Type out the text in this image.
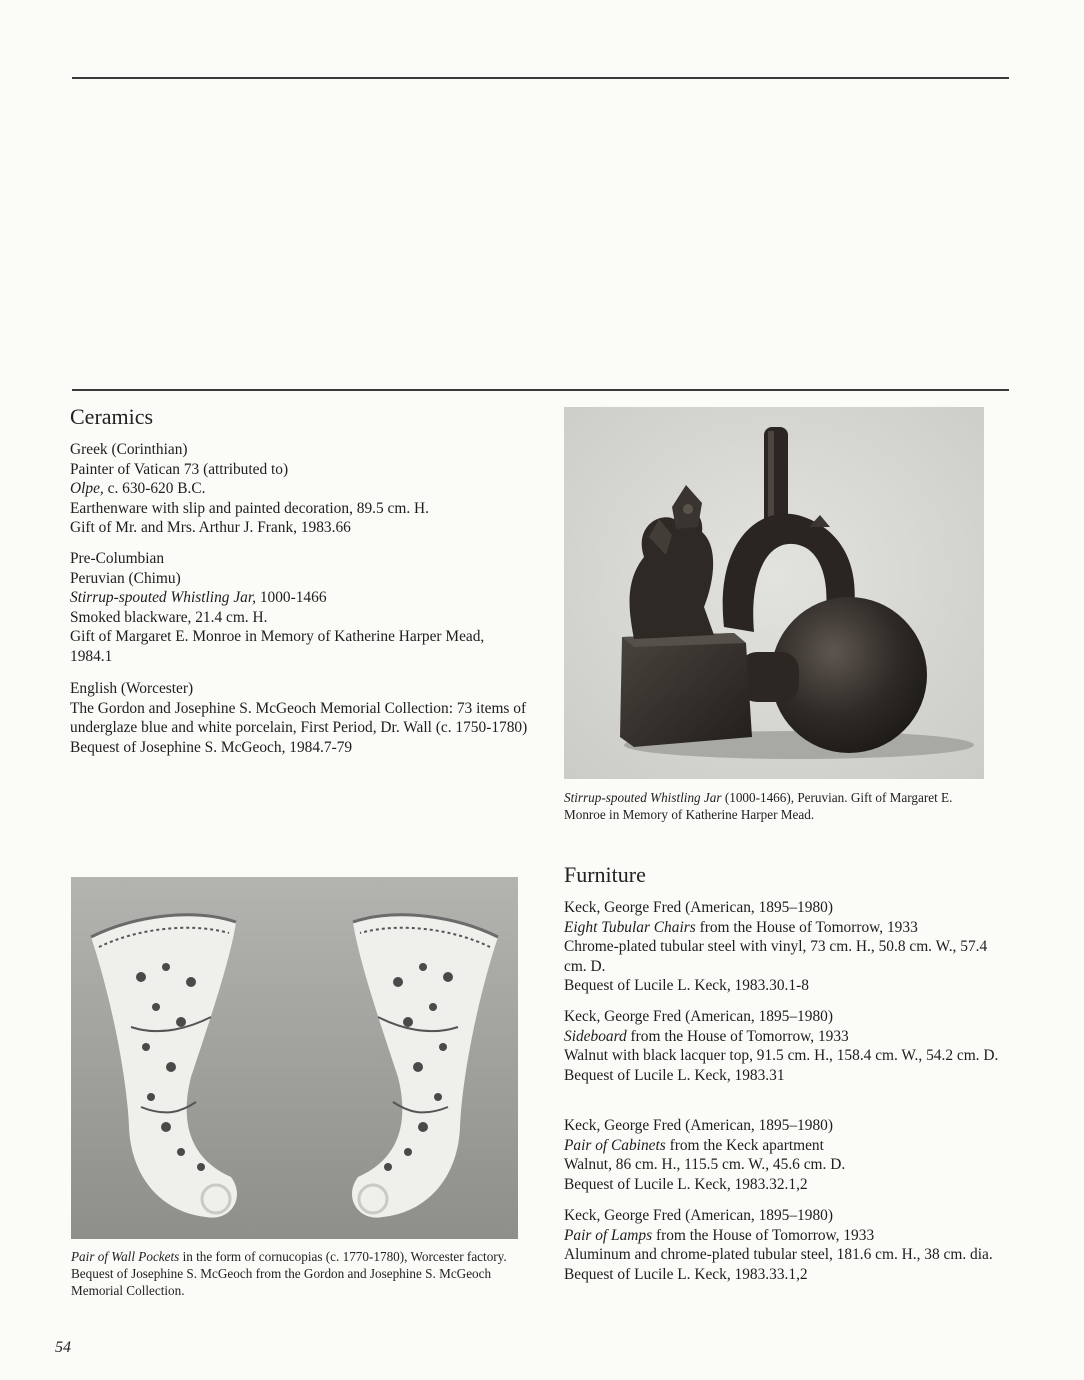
Ceramics
Greek (Corinthian)
Painter of Vatican 73 (attributed to)
Olpe, c. 630-620 B.C.
Earthenware with slip and painted decoration, 89.5 cm. H.
Gift of Mr. and Mrs. Arthur J. Frank, 1983.66
Pre-Columbian
Peruvian (Chimu)
Stirrup-spouted Whistling Jar, 1000-1466
Smoked blackware, 21.4 cm. H.
Gift of Margaret E. Monroe in Memory of Katherine Harper Mead, 1984.1
English (Worcester)
The Gordon and Josephine S. McGeoch Memorial Collection: 73 items of underglaze blue and white porcelain, First Period, Dr. Wall (c. 1750-1780)
Bequest of Josephine S. McGeoch, 1984.7-79
Stirrup-spouted Whistling Jar (1000-1466), Peruvian. Gift of Margaret E. Monroe in Memory of Katherine Harper Mead.
Furniture
Keck, George Fred (American, 1895–1980)
Eight Tubular Chairs from the House of Tomorrow, 1933
Chrome-plated tubular steel with vinyl, 73 cm. H., 50.8 cm. W., 57.4 cm. D.
Bequest of Lucile L. Keck, 1983.30.1-8
Keck, George Fred (American, 1895–1980)
Sideboard from the House of Tomorrow, 1933
Walnut with black lacquer top, 91.5 cm. H., 158.4 cm. W., 54.2 cm. D.
Bequest of Lucile L. Keck, 1983.31
Keck, George Fred (American, 1895–1980)
Pair of Cabinets from the Keck apartment
Walnut, 86 cm. H., 115.5 cm. W., 45.6 cm. D.
Bequest of Lucile L. Keck, 1983.32.1,2
Keck, George Fred (American, 1895–1980)
Pair of Lamps from the House of Tomorrow, 1933
Aluminum and chrome-plated tubular steel, 181.6 cm. H., 38 cm. dia.
Bequest of Lucile L. Keck, 1983.33.1,2
Pair of Wall Pockets in the form of cornucopias (c. 1770-1780), Worcester factory. Bequest of Josephine S. McGeoch from the Gordon and Josephine S. McGeoch Memorial Collection.
54
